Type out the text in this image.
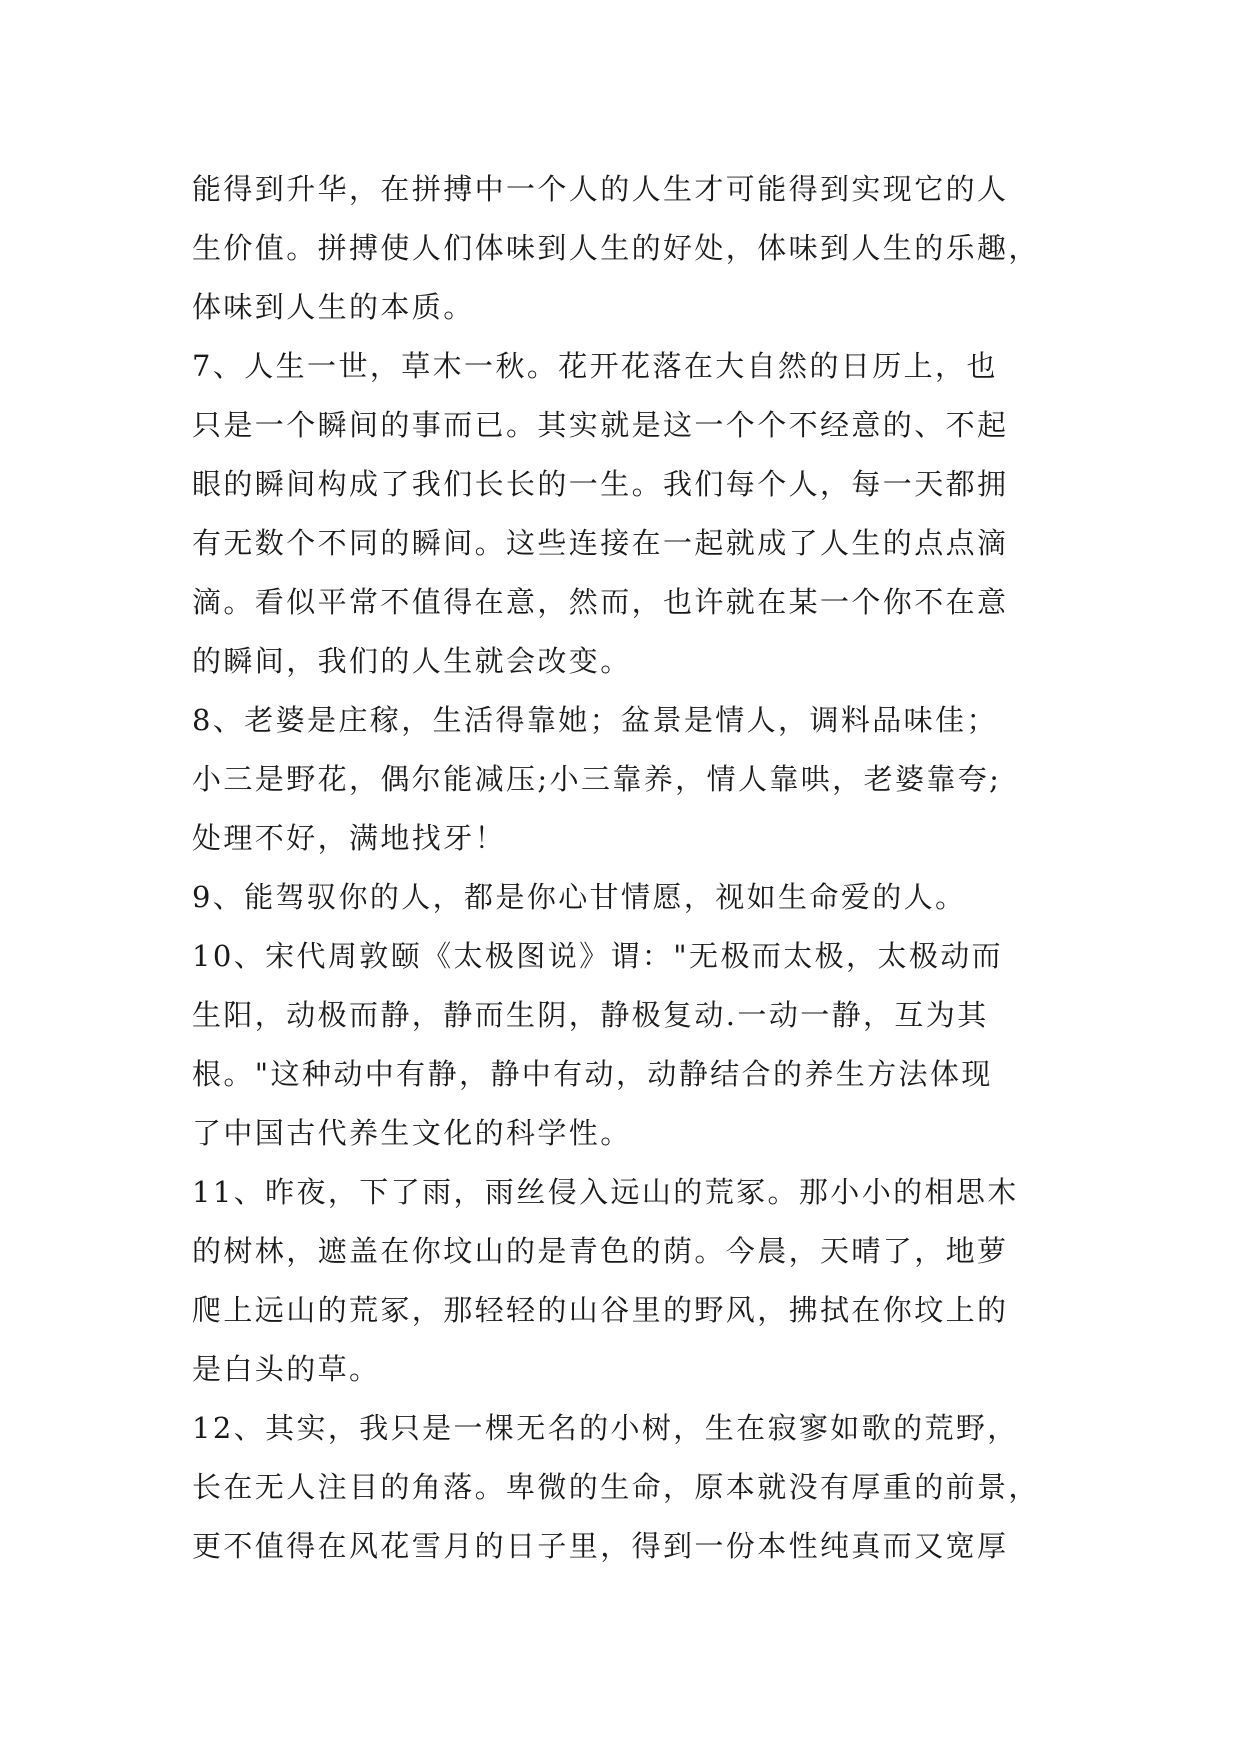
能得到升华，在拼搏中一个人的人生才可能得到实现它的人
生价值。拼搏使人们体味到人生的好处，体味到人生的乐趣，
体味到人生的本质。
7、人生一世，草木一秋。花开花落在大自然的日历上，也
只是一个瞬间的事而已。其实就是这一个个不经意的、不起
眼的瞬间构成了我们长长的一生。我们每个人，每一天都拥
有无数个不同的瞬间。这些连接在一起就成了人生的点点滴
滴。看似平常不值得在意，然而，也许就在某一个你不在意
的瞬间，我们的人生就会改变。
8、老婆是庄稼，生活得靠她；盆景是情人，调料品味佳；
小三是野花，偶尔能减压;小三靠养，情人靠哄，老婆靠夸;
处理不好，满地找牙！
9、能驾驭你的人，都是你心甘情愿，视如生命爱的人。
10、宋代周敦颐《太极图说》谓："无极而太极，太极动而
生阳，动极而静，静而生阴，静极复动.一动一静，互为其
根。"这种动中有静，静中有动，动静结合的养生方法体现
了中国古代养生文化的科学性。
11、昨夜，下了雨，雨丝侵入远山的荒冢。那小小的相思木
的树林，遮盖在你坟山的是青色的荫。今晨，天晴了，地萝
爬上远山的荒冢，那轻轻的山谷里的野风，拂拭在你坟上的
是白头的草。
12、其实，我只是一棵无名的小树，生在寂寥如歌的荒野，
长在无人注目的角落。卑微的生命，原本就没有厚重的前景，
更不值得在风花雪月的日子里，得到一份本性纯真而又宽厚
